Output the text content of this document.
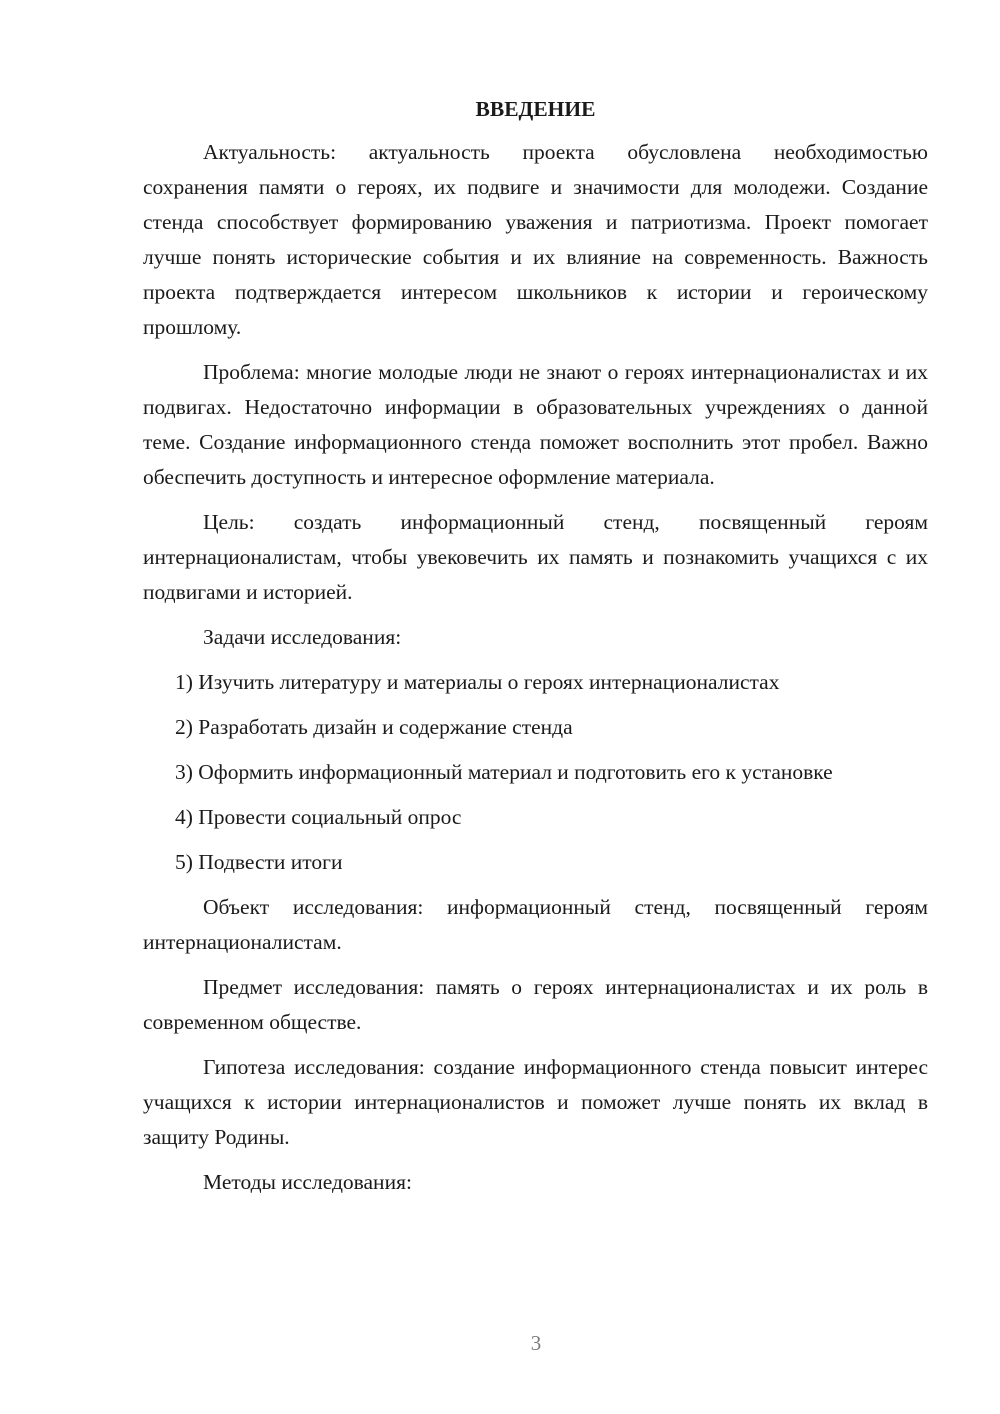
ВВЕДЕНИЕ

Актуальность: актуальность проекта обусловлена необходимостью сохранения памяти о героях, их подвиге и значимости для молодежи. Создание стенда способствует формированию уважения и патриотизма. Проект помогает лучше понять исторические события и их влияние на современность. Важность проекта подтверждается интересом школьников к истории и героическому прошлому.

Проблема: многие молодые люди не знают о героях интернационалистах и их подвигах. Недостаточно информации в образовательных учреждениях о данной теме. Создание информационного стенда поможет восполнить этот пробел. Важно обеспечить доступность и интересное оформление материала.

Цель: создать информационный стенд, посвященный героям интернационалистам, чтобы увековечить их память и познакомить учащихся с их подвигами и историей.

Задачи исследования:

1) Изучить литературу и материалы о героях интернационалистах

2) Разработать дизайн и содержание стенда

3) Оформить информационный материал и подготовить его к установке

4) Провести социальный опрос

5) Подвести итоги

Объект исследования: информационный стенд, посвященный героям интернационалистам.

Предмет исследования: память о героях интернационалистах и их роль в современном обществе.

Гипотеза исследования: создание информационного стенда повысит интерес учащихся к истории интернационалистов и поможет лучше понять их вклад в защиту Родины.

Методы исследования:

3
